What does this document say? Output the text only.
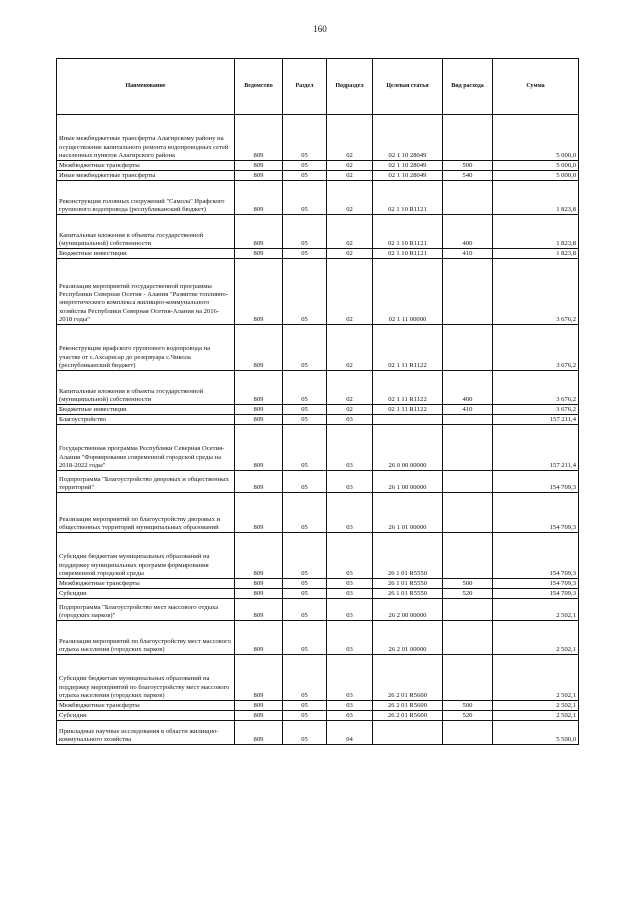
160
Наименование	Ведомство	Раздел	Подраздел	Целевая статья	Вид расхода	Сумма
Иные межбюджетные трансферты Алагирскому району на осуществление капитального ремонта водопроводных сетей населенных пунктов Алагирского района	809	05	02	02 1 10 28049		5 000,0
Межбюджетные трансферты	809	05	02	02 1 10 28049	500	5 000,0
Иные межбюджетные трансферты	809	05	02	02 1 10 28049	540	5 000,0
Реконструкция головных сооружений "Самола" Ирафского группового водопровода (республиканский бюджет)	809	05	02	02 1 10 R1121		1 823,8
Капитальные вложения в объекты государственной (муниципальной) собственности	809	05	02	02 1 10 R1121	400	1 823,8
Бюджетные инвестиции	809	05	02	02 1 10 R1121	410	1 823,8
Реализация мероприятий государственной программы Республики Северная Осетия - Алания "Развитие топливно-энергетического комплекса жилищно-коммунального хозяйства Республики Северная Осетия-Алания на 2016-2018 годы"	809	05	02	02 1 11 00000		3 676,2
Реконструкция ирафского группового водопровода на участке от с.Ахсарисар до резервуара с.Чиколa (республиканский бюджет)	809	05	02	02 1 11 R1122		3 676,2
Капитальные вложения в объекты государственной (муниципальной) собственности	809	05	02	02 1 11 R1122	400	3 676,2
Бюджетные инвестиции	809	05	02	02 1 11 R1122	410	3 676,2
Благоустройство	809	05	03			157 211,4
Государственная программа Республики Северная Осетия-Алания "Формирование современной городской среды на 2018-2022 годы"	809	05	03	26 0 00 00000		157 211,4
Подпрограмма "Благоустройство дворовых и общественных территорий"	809	05	03	26 1 00 00000		154 709,3
Реализация мероприятий по благоустройству дворовых и общественных территорий муниципальных образований	809	05	03	26 1 01 00000		154 709,3
Субсидии бюджетам муниципальных образований на поддержку муниципальных программ формирования современной городской среды	809	05	03	26 1 01 R5550		154 709,3
Межбюджетные трансферты	809	05	03	26 1 01 R5550	500	154 709,3
Субсидии	809	05	03	26 1 01 R5550	520	154 709,3
Подпрограмма "Благоустройство мест массового отдыха (городских парков)"	809	05	03	26 2 00 00000		2 502,1
Реализация мероприятий по благоустройству мест массового отдыха населения (городских парков)	809	05	03	26 2 01 00000		2 502,1
Субсидии бюджетам муниципальных образований на поддержку мероприятий по благоустройству мест массового отдыха населения (городских парков)	809	05	03	26 2 01 R5600		2 502,1
Межбюджетные трансферты	809	05	03	26 2 01 R5600	500	2 502,1
Субсидии	809	05	03	26 2 01 R5600	520	2 502,1
Прикладные научные исследования в области жилищно-коммунального хозяйства	809	05	04			5 500,0
